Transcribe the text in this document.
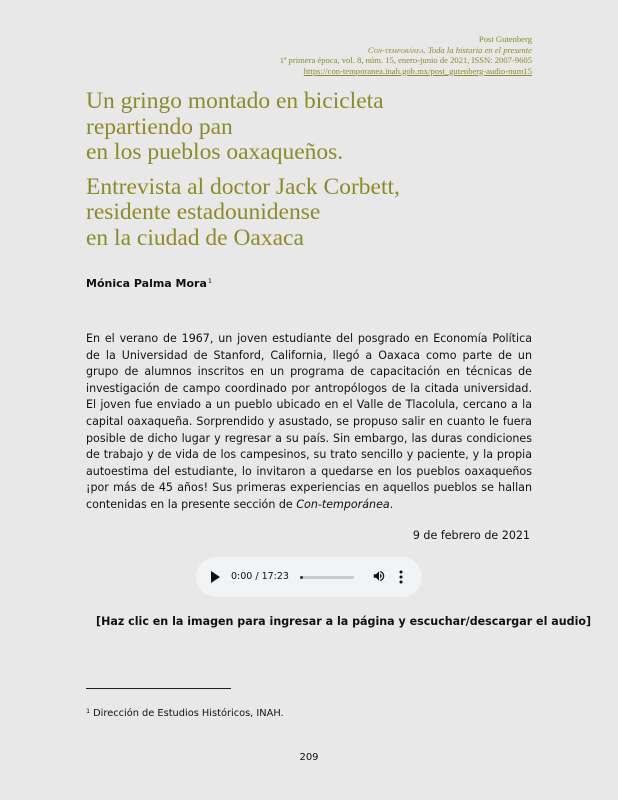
Post Gutenberg
Con-temporánea. Toda la historia en el presente
1ª primera época, vol. 8, núm. 15, enero-junio de 2021, ISSN: 2007-9605
https://con-temporanea.inah.gob.mx/post_gutenberg-audio-num15
Un gringo montado en bicicleta
repartiendo pan
en los pueblos oaxaqueños.
Entrevista al doctor Jack Corbett,
residente estadounidense
en la ciudad de Oaxaca
Mónica Palma Mora$^1$

En el verano de 1967, un joven estudiante del posgrado en Economía Política de la Universidad de Stanford, California, llegó a Oaxaca como parte de un grupo de alumnos inscritos en un programa de capacitación en técnicas de investigación de campo coordinado por antropólogos de la citada universidad. El joven fue enviado a un pueblo ubicado en el Valle de Tlacolula, cercano a la capital oaxaqueña. Sorprendido y asustado, se propuso salir en cuanto le fuera posible de dicho lugar y regresar a su país. Sin embargo, las duras condiciones de trabajo y de vida de los campesinos, su trato sencillo y paciente, y la propia autoestima del estudiante, lo invitaron a quedarse en los pueblos oaxaqueños ¡por más de 45 años! Sus primeras experiencias en aquellos pueblos se hallan contenidas en la presente sección de Con-temporánea.

9 de febrero de 2021
0:00 / 17:23
[Haz clic en la imagen para ingresar a la página y escuchar/descargar el audio]
$^1$ Dirección de Estudios Históricos, INAH.
209
